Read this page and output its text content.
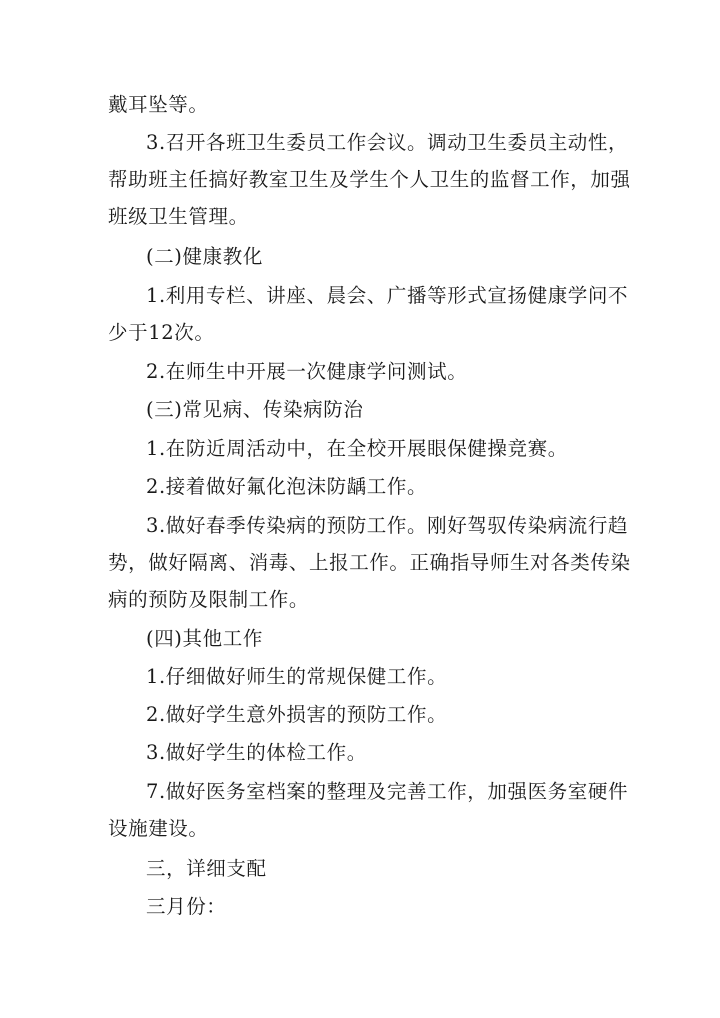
戴耳坠等。
3.召开各班卫生委员工作会议。调动卫生委员主动性，
帮助班主任搞好教室卫生及学生个人卫生的监督工作，加强
班级卫生管理。
(二)健康教化
1.利用专栏、讲座、晨会、广播等形式宣扬健康学问不
少于12次。
2.在师生中开展一次健康学问测试。
(三)常见病、传染病防治
1.在防近周活动中，在全校开展眼保健操竞赛。
2.接着做好氟化泡沫防龋工作。
3.做好春季传染病的预防工作。刚好驾驭传染病流行趋
势，做好隔离、消毒、上报工作。正确指导师生对各类传染
病的预防及限制工作。
(四)其他工作
1.仔细做好师生的常规保健工作。
2.做好学生意外损害的预防工作。
3.做好学生的体检工作。
7.做好医务室档案的整理及完善工作，加强医务室硬件
设施建设。
三，详细支配
三月份：
